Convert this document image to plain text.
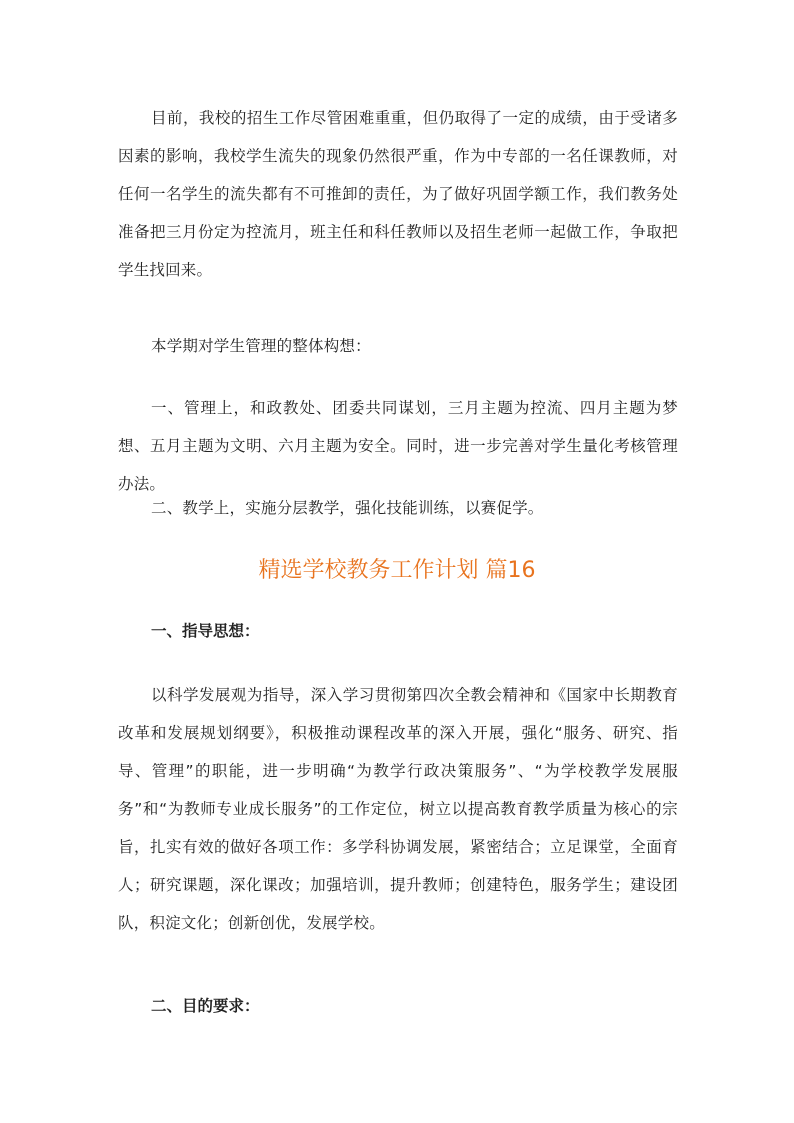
目前，我校的招生工作尽管困难重重，但仍取得了一定的成绩，由于受诸多因素的影响，我校学生流失的现象仍然很严重，作为中专部的一名任课教师，对任何一名学生的流失都有不可推卸的责任，为了做好巩固学额工作，我们教务处准备把三月份定为控流月，班主任和科任教师以及招生老师一起做工作，争取把学生找回来。

本学期对学生管理的整体构想：

一、管理上，和政教处、团委共同谋划，三月主题为控流、四月主题为梦想、五月主题为文明、六月主题为安全。同时，进一步完善对学生量化考核管理办法。

二、教学上，实施分层教学，强化技能训练，以赛促学。

精选学校教务工作计划 篇16
一、指导思想：

以科学发展观为指导，深入学习贯彻第四次全教会精神和《国家中长期教育改革和发展规划纲要》，积极推动课程改革的深入开展，强化“服务、研究、指导、管理”的职能，进一步明确“为教学行政决策服务”、“为学校教学发展服务”和“为教师专业成长服务”的工作定位，树立以提高教育教学质量为核心的宗旨，扎实有效的做好各项工作：多学科协调发展，紧密结合；立足课堂，全面育人；研究课题，深化课改；加强培训，提升教师；创建特色，服务学生；建设团队，积淀文化；创新创优，发展学校。

二、目的要求：
